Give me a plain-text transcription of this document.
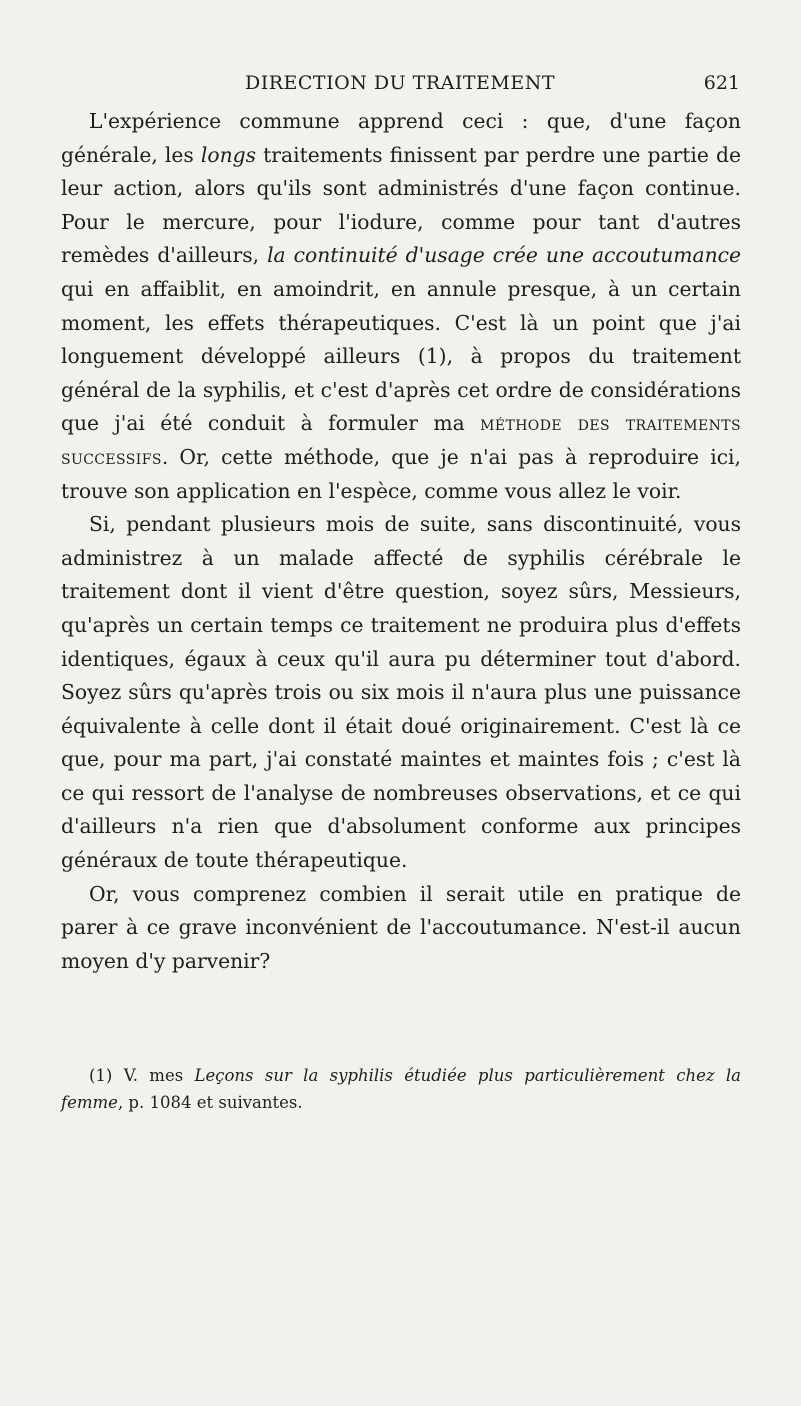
DIRECTION DU TRAITEMENT	621

L'expérience commune apprend ceci : que, d'une façon générale, les longs traitements finissent par perdre une partie de leur action, alors qu'ils sont administrés d'une façon continue. Pour le mercure, pour l'iodure, comme pour tant d'autres remèdes d'ailleurs, la continuité d'usage crée une accoutumance qui en affaiblit, en amoindrit, en annule presque, à un certain moment, les effets thérapeutiques. C'est là un point que j'ai longuement développé ailleurs (1), à propos du traitement général de la syphilis, et c'est d'après cet ordre de considérations que j'ai été conduit à formuler ma méthode des traitements successifs. Or, cette méthode, que je n'ai pas à reproduire ici, trouve son application en l'espèce, comme vous allez le voir.

Si, pendant plusieurs mois de suite, sans discontinuité, vous administrez à un malade affecté de syphilis cérébrale le traitement dont il vient d'être question, soyez sûrs, Messieurs, qu'après un certain temps ce traitement ne produira plus d'effets identiques, égaux à ceux qu'il aura pu déterminer tout d'abord. Soyez sûrs qu'après trois ou six mois il n'aura plus une puissance équivalente à celle dont il était doué originairement. C'est là ce que, pour ma part, j'ai constaté maintes et maintes fois ; c'est là ce qui ressort de l'analyse de nombreuses observations, et ce qui d'ailleurs n'a rien que d'absolument conforme aux principes généraux de toute thérapeutique.

Or, vous comprenez combien il serait utile en pratique de parer à ce grave inconvénient de l'accoutumance. N'est-il aucun moyen d'y parvenir?

(1) V. mes Leçons sur la syphilis étudiée plus particulièrement chez la femme, p. 1084 et suivantes.
